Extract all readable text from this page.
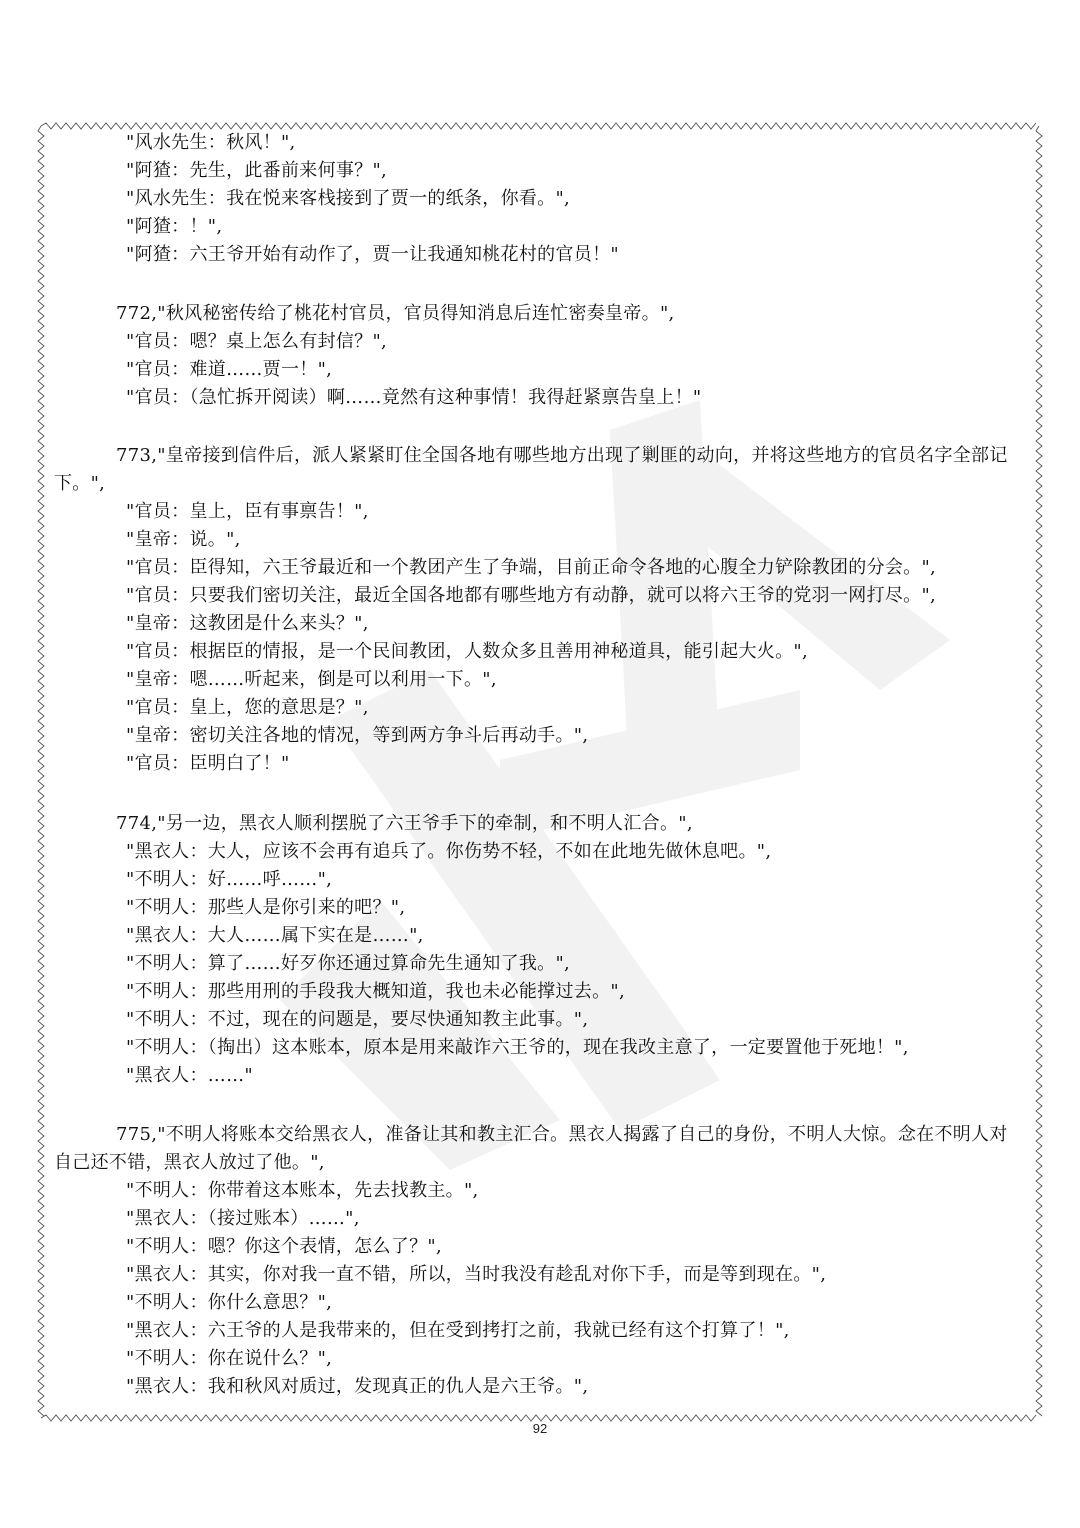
"风水先生：秋风！",
"阿猹：先生，此番前来何事？",
"风水先生：我在悦来客栈接到了贾一的纸条，你看。",
"阿猹：！",
"阿猹：六王爷开始有动作了，贾一让我通知桃花村的官员！"
772,"秋风秘密传给了桃花村官员，官员得知消息后连忙密奏皇帝。",
"官员：嗯？桌上怎么有封信？",
"官员：难道……贾一！",
"官员：（急忙拆开阅读）啊……竟然有这种事情！我得赶紧禀告皇上！"
773,"皇帝接到信件后，派人紧紧盯住全国各地有哪些地方出现了剿匪的动向，并将这些地方的官员名字全部记
下。",
"官员：皇上，臣有事禀告！",
"皇帝：说。",
"官员：臣得知，六王爷最近和一个教团产生了争端，目前正命令各地的心腹全力铲除教团的分会。",
"官员：只要我们密切关注，最近全国各地都有哪些地方有动静，就可以将六王爷的党羽一网打尽。",
"皇帝：这教团是什么来头？",
"官员：根据臣的情报，是一个民间教团，人数众多且善用神秘道具，能引起大火。",
"皇帝：嗯……听起来，倒是可以利用一下。",
"官员：皇上，您的意思是？",
"皇帝：密切关注各地的情况，等到两方争斗后再动手。",
"官员：臣明白了！"
774,"另一边，黑衣人顺利摆脱了六王爷手下的牵制，和不明人汇合。",
"黑衣人：大人，应该不会再有追兵了。你伤势不轻，不如在此地先做休息吧。",
"不明人：好……呼……",
"不明人：那些人是你引来的吧？",
"黑衣人：大人……属下实在是……",
"不明人：算了……好歹你还通过算命先生通知了我。",
"不明人：那些用刑的手段我大概知道，我也未必能撑过去。",
"不明人：不过，现在的问题是，要尽快通知教主此事。",
"不明人：（掏出）这本账本，原本是用来敲诈六王爷的，现在我改主意了，一定要置他于死地！",
"黑衣人：……"
775,"不明人将账本交给黑衣人，准备让其和教主汇合。黑衣人揭露了自己的身份，不明人大惊。念在不明人对
自己还不错，黑衣人放过了他。",
"不明人：你带着这本账本，先去找教主。",
"黑衣人：（接过账本）……",
"不明人：嗯？你这个表情，怎么了？",
"黑衣人：其实，你对我一直不错，所以，当时我没有趁乱对你下手，而是等到现在。",
"不明人：你什么意思？",
"黑衣人：六王爷的人是我带来的，但在受到拷打之前，我就已经有这个打算了！",
"不明人：你在说什么？",
"黑衣人：我和秋风对质过，发现真正的仇人是六王爷。",
92
